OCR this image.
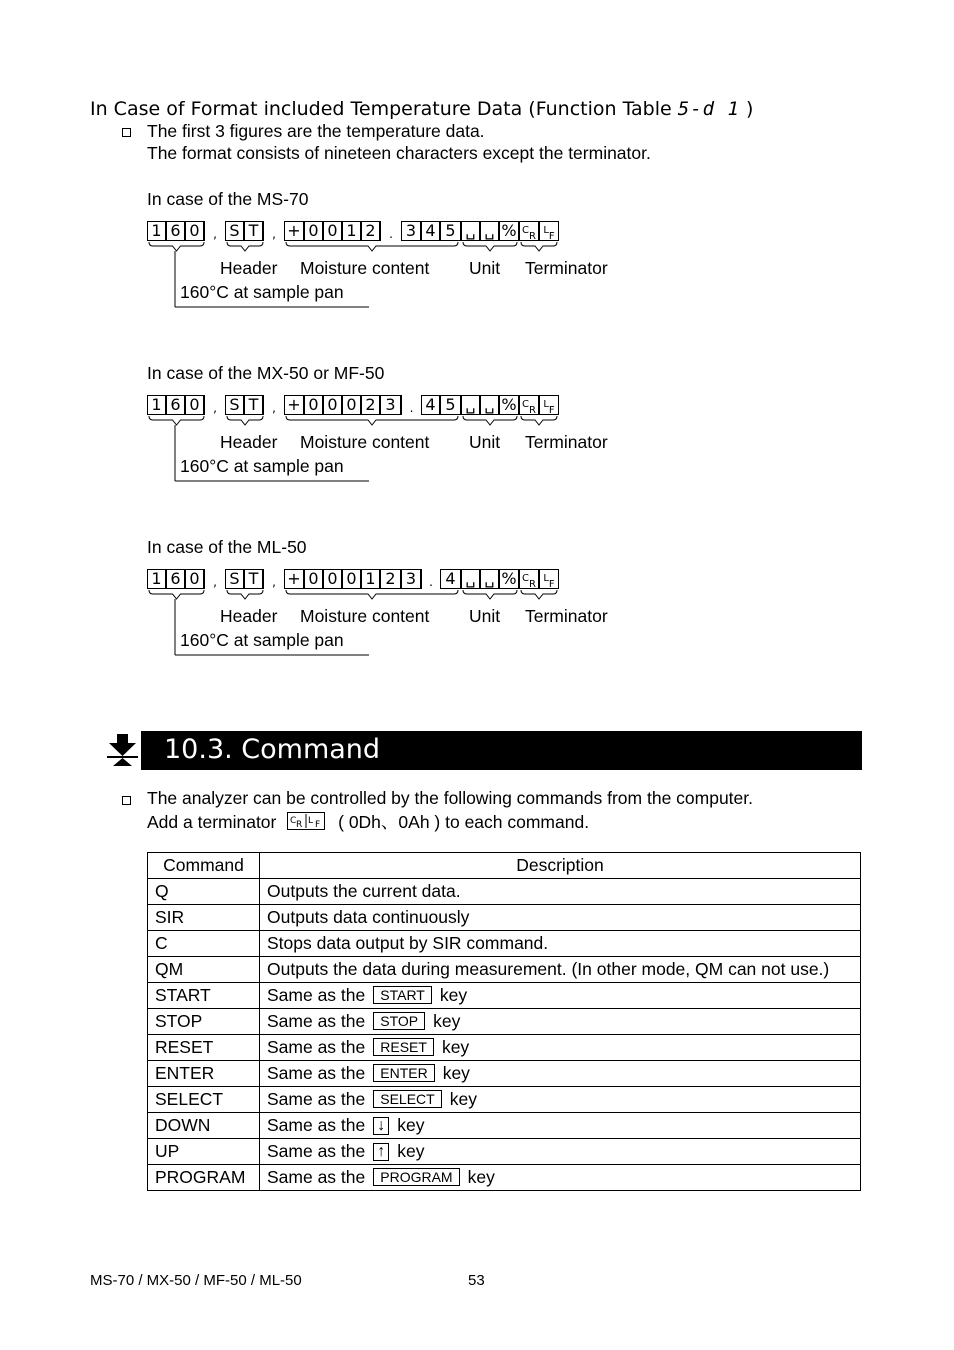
In Case of Format included Temperature Data (Function Table 5-d 1 )
The first 3 figures are the temperature data.
The format consists of nineteen characters except the terminator.
In case of the MS-70
1 6 0	, S T	, + 0 0 1 2	. 3 4 5 ␣ ␣ % CR
LF
Header Moisture content Unit Terminator
160°C at sample pan
In case of the MX-50 or MF-50
1 6 0	, S T	, + 0 0 0 2 3	. 4 5 ␣ ␣ % CR
LF
Header Moisture content Unit Terminator
160°C at sample pan
In case of the ML-50
1 6 0	, S T	, + 0 0 0 1 2 3	. 4 ␣ ␣ % CR
LF
Header Moisture content Unit Terminator
160°C at sample pan
10.3. Command
The analyzer can be controlled by the following commands from the computer.
Add a terminator C R L F ( 0Dh、0Ah ) to each command.
Command	Description
Q	Outputs the current data.
SIR	Outputs data continuously
C	Stops data output by SIR command.
QM	Outputs the data during measurement. (In other mode, QM can not use.)
START	Same as the START key
STOP	Same as the STOP key
RESET	Same as the RESET key
ENTER	Same as the ENTER key
SELECT	Same as the SELECT key
DOWN	Same as the ↓ key
UP	Same as the ↑ key
PROGRAM	Same as the PROGRAM key
MS-70 / MX-50 / MF-50 / ML-50	53
